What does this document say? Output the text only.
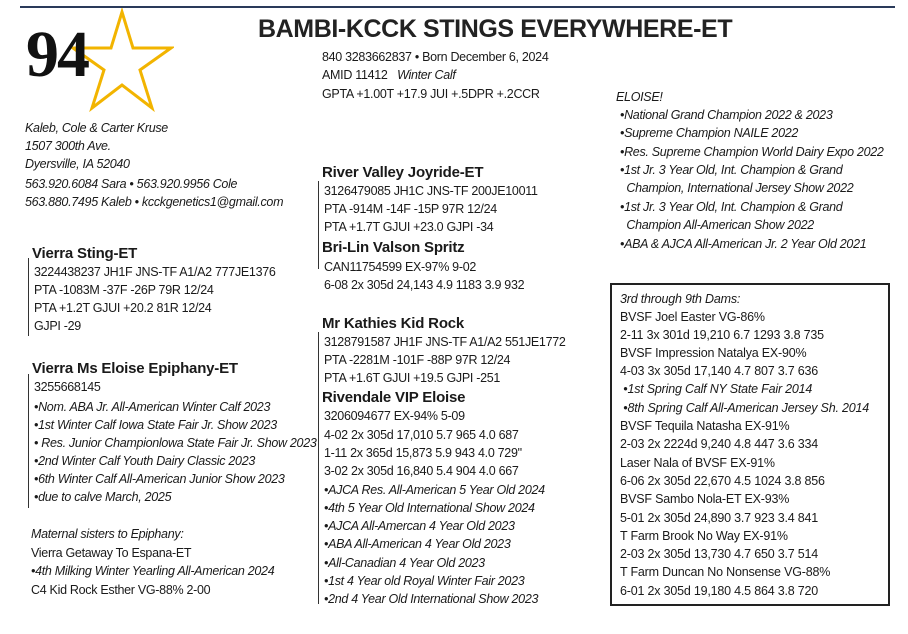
94	BAMBI-KCCK STINGS EVERYWHERE-ET
840 3283662837 • Born December 6, 2024
AMID 11412 Winter Calf
GPTA +1.00T +17.9 JUI +.5DPR +.2CCR
Kaleb, Cole & Carter Kruse
1507 300th Ave.
Dyersville, IA 52040
563.920.6084 Sara • 563.920.9956 Cole
563.880.7495 Kaleb • kcckgenetics1@gmail.com
Vierra Sting-ET
3224438237 JH1F JNS-TF A1/A2 777JE1376
PTA -1083M -37F -26P 79R 12/24
PTA +1.2T GJUI +20.2 81R 12/24
GJPI -29
Vierra Ms Eloise Epiphany-ET
3255668145
•Nom. ABA Jr. All-American Winter Calf 2023
•1st Winter Calf Iowa State Fair Jr. Show 2023
• Res. Junior Championlowa State Fair Jr. Show 2023
•2nd Winter Calf Youth Dairy Classic 2023
•6th Winter Calf All-American Junior Show 2023
•due to calve March, 2025
Maternal sisters to Epiphany:
Vierra Getaway To Espana-ET
•4th Milking Winter Yearling All-American 2024
C4 Kid Rock Esther VG-88% 2-00
River Valley Joyride-ET
3126479085 JH1C JNS-TF 200JE10011
PTA -914M -14F -15P 97R 12/24
PTA +1.7T GJUI +23.0 GJPI -34
Bri-Lin Valson Spritz
CAN11754599 EX-97% 9-02
6-08 2x 305d 24,143 4.9 1183 3.9 932
Mr Kathies Kid Rock
3128791587 JH1F JNS-TF A1/A2 551JE1772
PTA -2281M -101F -88P 97R 12/24
PTA +1.6T GJUI +19.5 GJPI -251
Rivendale VIP Eloise
3206094677 EX-94% 5-09
4-02 2x 305d 17,010 5.7 965 4.0 687
1-11 2x 365d 15,873 5.9 943 4.0 729"
3-02 2x 305d 16,840 5.4 904 4.0 667
•AJCA Res. All-American 5 Year Old 2024
•4th 5 Year Old International Show 2024
•AJCA All-Amercan 4 Year Old 2023
•ABA All-American 4 Year Old 2023
•All-Canadian 4 Year Old 2023
•1st 4 Year old Royal Winter Fair 2023
•2nd 4 Year Old International Show 2023
ELOISE!
•National Grand Champion 2022 & 2023
•Supreme Champion NAILE 2022
•Res. Supreme Champion World Dairy Expo 2022
•1st Jr. 3 Year Old, Int. Champion & Grand
Champion, International Jersey Show 2022
•1st Jr. 3 Year Old, Int. Champion & Grand
Champion All-American Show 2022
•ABA & AJCA All-American Jr. 2 Year Old 2021
3rd through 9th Dams:
BVSF Joel Easter VG-86%
2-11 3x 301d 19,210 6.7 1293 3.8 735
BVSF Impression Natalya EX-90%
4-03 3x 305d 17,140 4.7 807 3.7 636
•1st Spring Calf NY State Fair 2014
•8th Spring Calf All-American Jersey Sh. 2014
BVSF Tequila Natasha EX-91%
2-03 2x 2224d 9,240 4.8 447 3.6 334
Laser Nala of BVSF EX-91%
6-06 2x 305d 22,670 4.5 1024 3.8 856
BVSF Sambo Nola-ET EX-93%
5-01 2x 305d 24,890 3.7 923 3.4 841
T Farm Brook No Way EX-91%
2-03 2x 305d 13,730 4.7 650 3.7 514
T Farm Duncan No Nonsense VG-88%
6-01 2x 305d 19,180 4.5 864 3.8 720
